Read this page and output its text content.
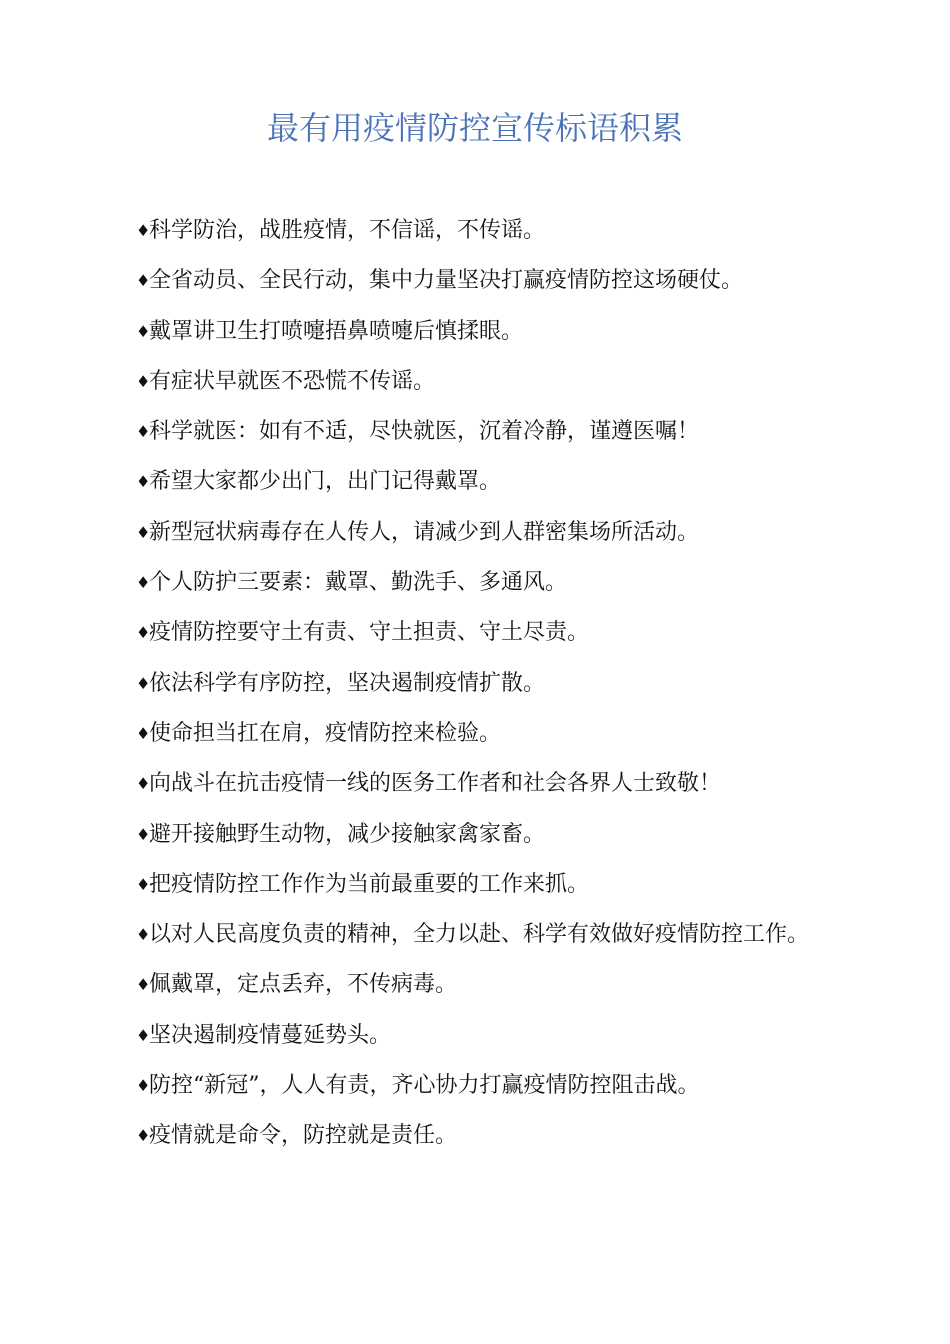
最有用疫情防控宣传标语积累
♦科学防治，战胜疫情，不信谣，不传谣。
♦全省动员、全民行动，集中力量坚决打赢疫情防控这场硬仗。
♦戴罩讲卫生打喷嚏捂鼻喷嚏后慎揉眼。
♦有症状早就医不恐慌不传谣。
♦科学就医：如有不适，尽快就医，沉着冷静，谨遵医嘱！
♦希望大家都少出门，出门记得戴罩。
♦新型冠状病毒存在人传人，请减少到人群密集场所活动。
♦个人防护三要素：戴罩、勤洗手、多通风。
♦疫情防控要守土有责、守土担责、守土尽责。
♦依法科学有序防控，坚决遏制疫情扩散。
♦使命担当扛在肩，疫情防控来检验。
♦向战斗在抗击疫情一线的医务工作者和社会各界人士致敬！
♦避开接触野生动物，减少接触家禽家畜。
♦把疫情防控工作作为当前最重要的工作来抓。
♦以对人民高度负责的精神，全力以赴、科学有效做好疫情防控工作。
♦佩戴罩，定点丢弃，不传病毒。
♦坚决遏制疫情蔓延势头。
♦防控“新冠”，人人有责，齐心协力打赢疫情防控阻击战。
♦疫情就是命令，防控就是责任。
